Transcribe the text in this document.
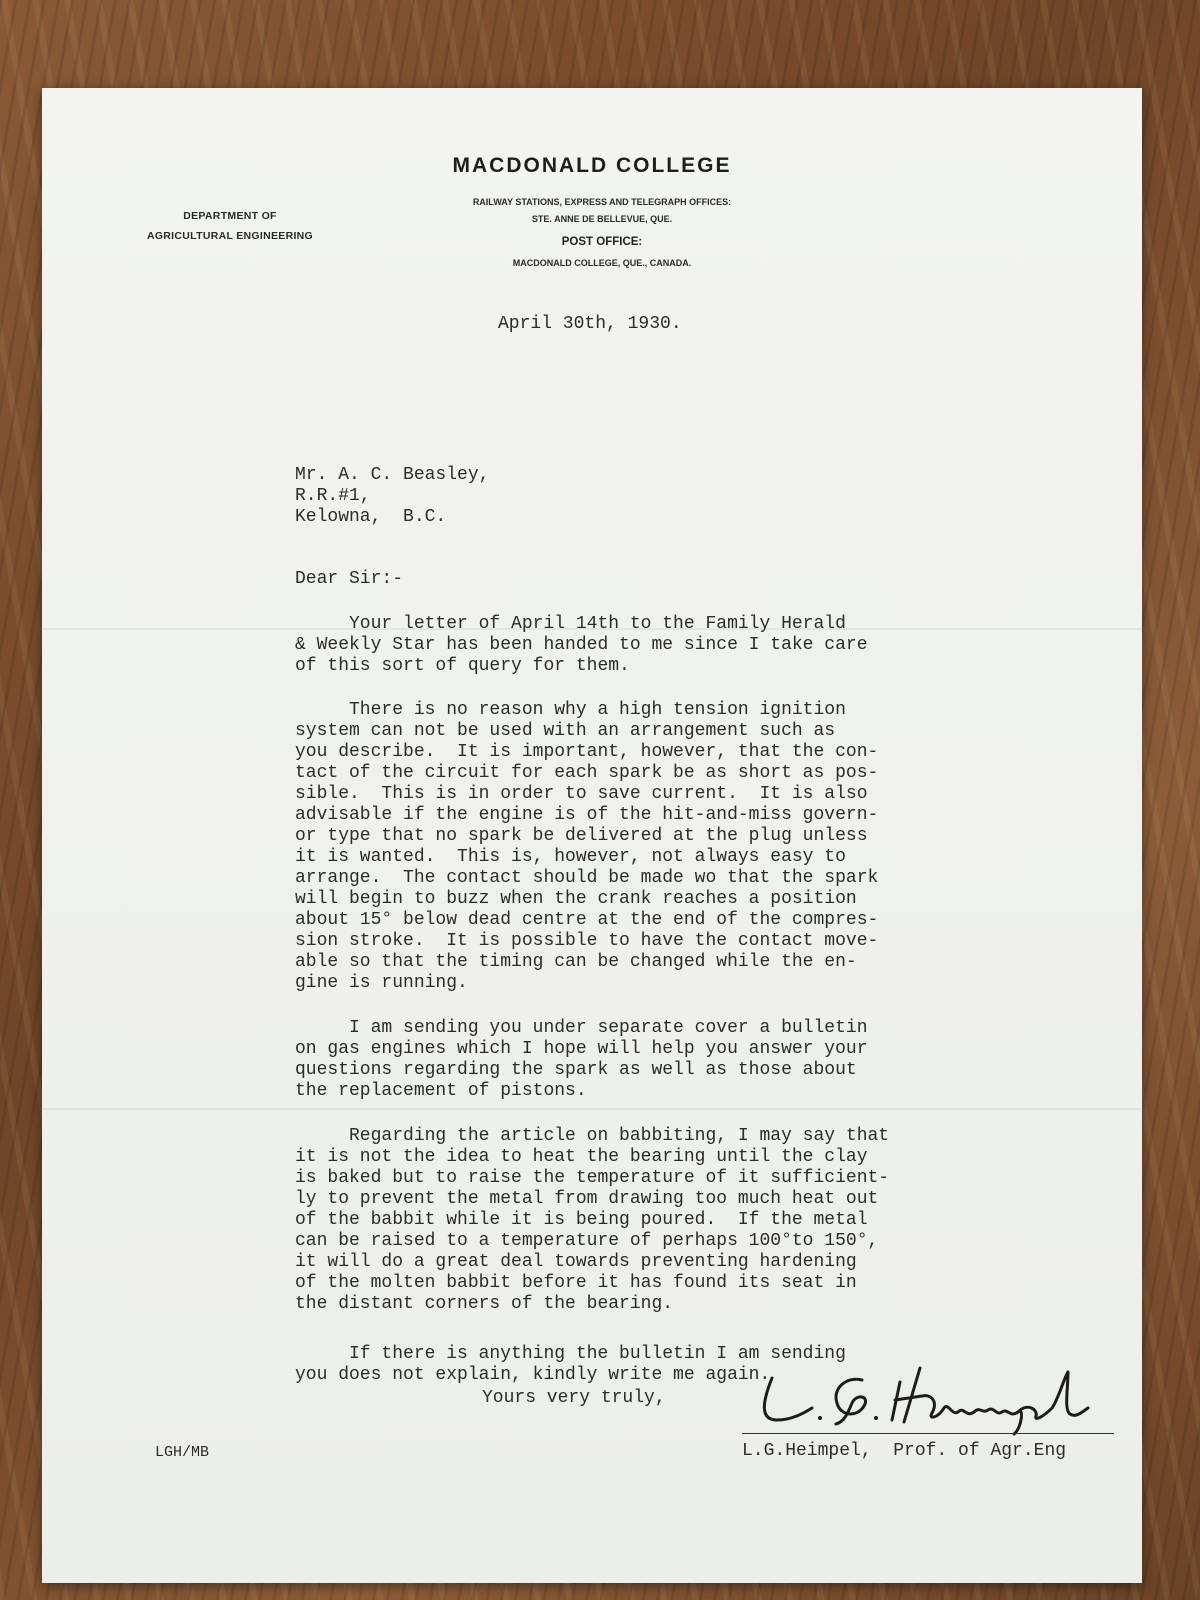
MACDONALD COLLEGE
DEPARTMENT OF
AGRICULTURAL ENGINEERING
RAILWAY STATIONS, EXPRESS AND TELEGRAPH OFFICES:
STE. ANNE DE BELLEVUE, QUE.
POST OFFICE:
MACDONALD COLLEGE, QUE., CANADA.
April 30th, 1930.
Mr. A. C. Beasley,
R.R.#1,
Kelowna,  B.C.
Dear Sir:-
Your letter of April 14th to the Family Herald
& Weekly Star has been handed to me since I take care
of this sort of query for them.
There is no reason why a high tension ignition
system can not be used with an arrangement such as
you describe.  It is important, however, that the con-
tact of the circuit for each spark be as short as pos-
sible.  This is in order to save current.  It is also
advisable if the engine is of the hit-and-miss govern-
or type that no spark be delivered at the plug unless
it is wanted.  This is, however, not always easy to
arrange.  The contact should be made wo that the spark
will begin to buzz when the crank reaches a position
about 15° below dead centre at the end of the compres-
sion stroke.  It is possible to have the contact move-
able so that the timing can be changed while the en-
gine is running.
I am sending you under separate cover a bulletin
on gas engines which I hope will help you answer your
questions regarding the spark as well as those about
the replacement of pistons.
Regarding the article on babbiting, I may say that
it is not the idea to heat the bearing until the clay
is baked but to raise the temperature of it sufficient-
ly to prevent the metal from drawing too much heat out
of the babbit while it is being poured.  If the metal
can be raised to a temperature of perhaps 100°to 150°,
it will do a great deal towards preventing hardening
of the molten babbit before it has found its seat in
the distant corners of the bearing.
If there is anything the bulletin I am sending
you does not explain, kindly write me again.
Yours very truly,
L.G.Heimpel,  Prof. of Agr.Eng
LGH/MB
